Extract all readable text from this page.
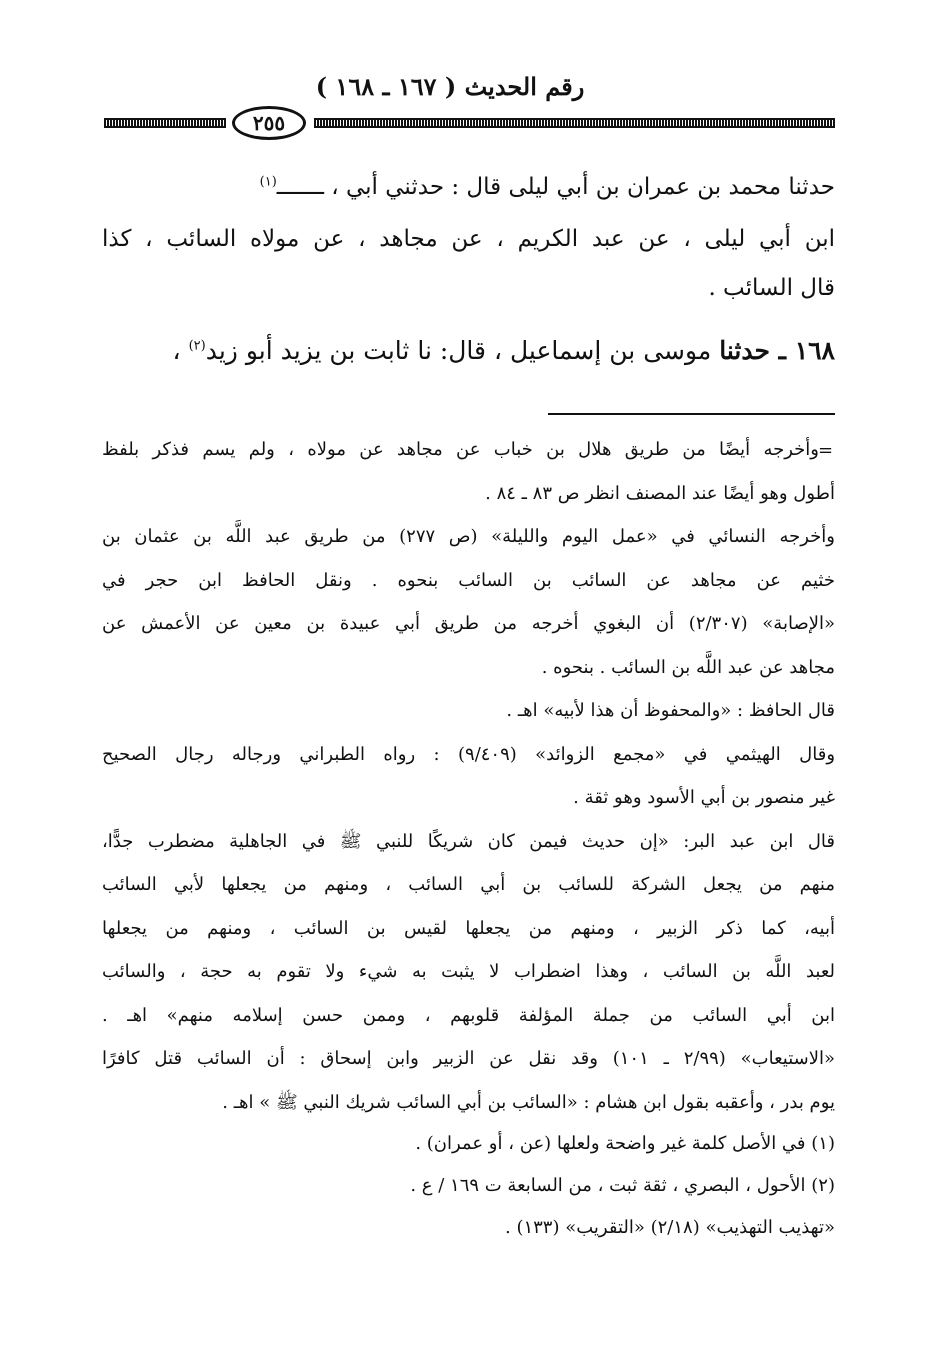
رقم الحديث ( ١٦٧ ـ ١٦٨ )
٢٥٥
حدثنا محمد بن عمران بن أبي ليلى قال : حدثني أبي ، ـــــــ$^{(١)}$
ابن أبي ليلى ، عن عبد الكريم ، عن مجاهد ، عن مولاه السائب ، كذا
قال السائب .
١٦٨ ـ حدثنا موسى بن إسماعيل ، قال: نا ثابت بن يزيد أبو زيد$^{(٢)}$ ،
=
وأخرجه أيضًا من طريق هلال بن خباب عن مجاهد عن مولاه ، ولم يسم فذكر بلفظ
أطول وهو أيضًا عند المصنف انظر ص ٨٣ ـ ٨٤ .
وأخرجه النسائي في «عمل اليوم والليلة» (ص ٢٧٧) من طريق عبد اللَّه بن عثمان بن
خثيم عن مجاهد عن السائب بن السائب بنحوه . ونقل الحافظ ابن حجر في
«الإصابة» (٢/٣٠٧) أن البغوي أخرجه من طريق أبي عبيدة بن معين عن الأعمش عن
مجاهد عن عبد اللَّه بن السائب . بنحوه .
قال الحافظ : «والمحفوظ أن هذا لأبيه» اهـ .
وقال الهيثمي في «مجمع الزوائد» (٩/٤٠٩) : رواه الطبراني ورجاله رجال الصحيح
غير منصور بن أبي الأسود وهو ثقة .
قال ابن عبد البر: «إن حديث فيمن كان شريكًا للنبي ﷺ في الجاهلية مضطرب جدًّا،
منهم من يجعل الشركة للسائب بن أبي السائب ، ومنهم من يجعلها لأبي السائب
أبيه، كما ذكر الزبير ، ومنهم من يجعلها لقيس بن السائب ، ومنهم من يجعلها
لعبد اللَّه بن السائب ، وهذا اضطراب لا يثبت به شيء ولا تقوم به حجة ، والسائب
ابن أبي السائب من جملة المؤلفة قلوبهم ، وممن حسن إسلامه منهم» اهـ .
«الاستيعاب» (٢/٩٩ ـ ١٠١) وقد نقل عن الزبير وابن إسحاق : أن السائب قتل كافرًا
يوم بدر ، وأعقبه بقول ابن هشام : «السائب بن أبي السائب شريك النبي ﷺ » اهـ .
(١) في الأصل كلمة غير واضحة ولعلها (عن ، أو عمران) .
(٢) الأحول ، البصري ، ثقة ثبت ، من السابعة ت ١٦٩ / ع .
«تهذيب التهذيب» (٢/١٨) «التقريب» (١٣٣) .
